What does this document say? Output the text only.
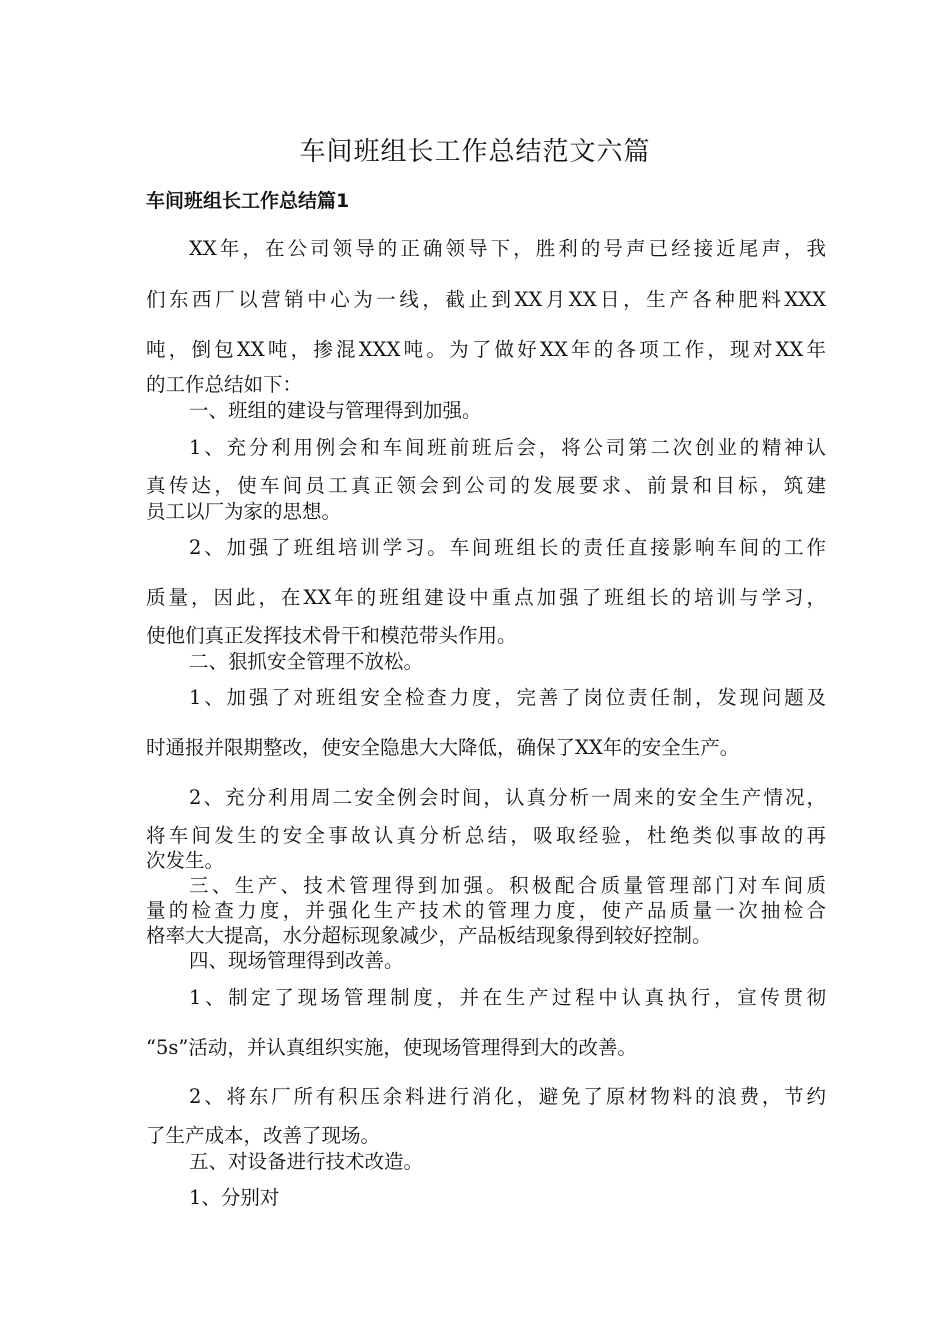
车间班组长工作总结范文六篇
车间班组长工作总结篇1
XX年，在公司领导的正确领导下，胜利的号声已经接近尾声，我
们东西厂以营销中心为一线，截止到XX月XX日，生产各种肥料XXX
吨，倒包XX吨，掺混XXX吨。为了做好XX年的各项工作，现对XX年
的工作总结如下：
一、班组的建设与管理得到加强。
1、充分利用例会和车间班前班后会，将公司第二次创业的精神认
真传达，使车间员工真正领会到公司的发展要求、前景和目标，筑建
员工以厂为家的思想。
2、加强了班组培训学习。车间班组长的责任直接影响车间的工作
质量，因此，在XX年的班组建设中重点加强了班组长的培训与学习，
使他们真正发挥技术骨干和模范带头作用。
二、狠抓安全管理不放松。
1、加强了对班组安全检查力度，完善了岗位责任制，发现问题及
时通报并限期整改，使安全隐患大大降低，确保了XX年的安全生产。
2、充分利用周二安全例会时间，认真分析一周来的安全生产情况，
将车间发生的安全事故认真分析总结，吸取经验，杜绝类似事故的再
次发生。
三、生产、技术管理得到加强。积极配合质量管理部门对车间质
量的检查力度，并强化生产技术的管理力度，使产品质量一次抽检合
格率大大提高，水分超标现象减少，产品板结现象得到较好控制。
四、现场管理得到改善。
1、制定了现场管理制度，并在生产过程中认真执行，宣传贯彻
“5s”活动，并认真组织实施，使现场管理得到大的改善。
2、将东厂所有积压余料进行消化，避免了原材物料的浪费，节约
了生产成本，改善了现场。
五、对设备进行技术改造。
1、分别对
